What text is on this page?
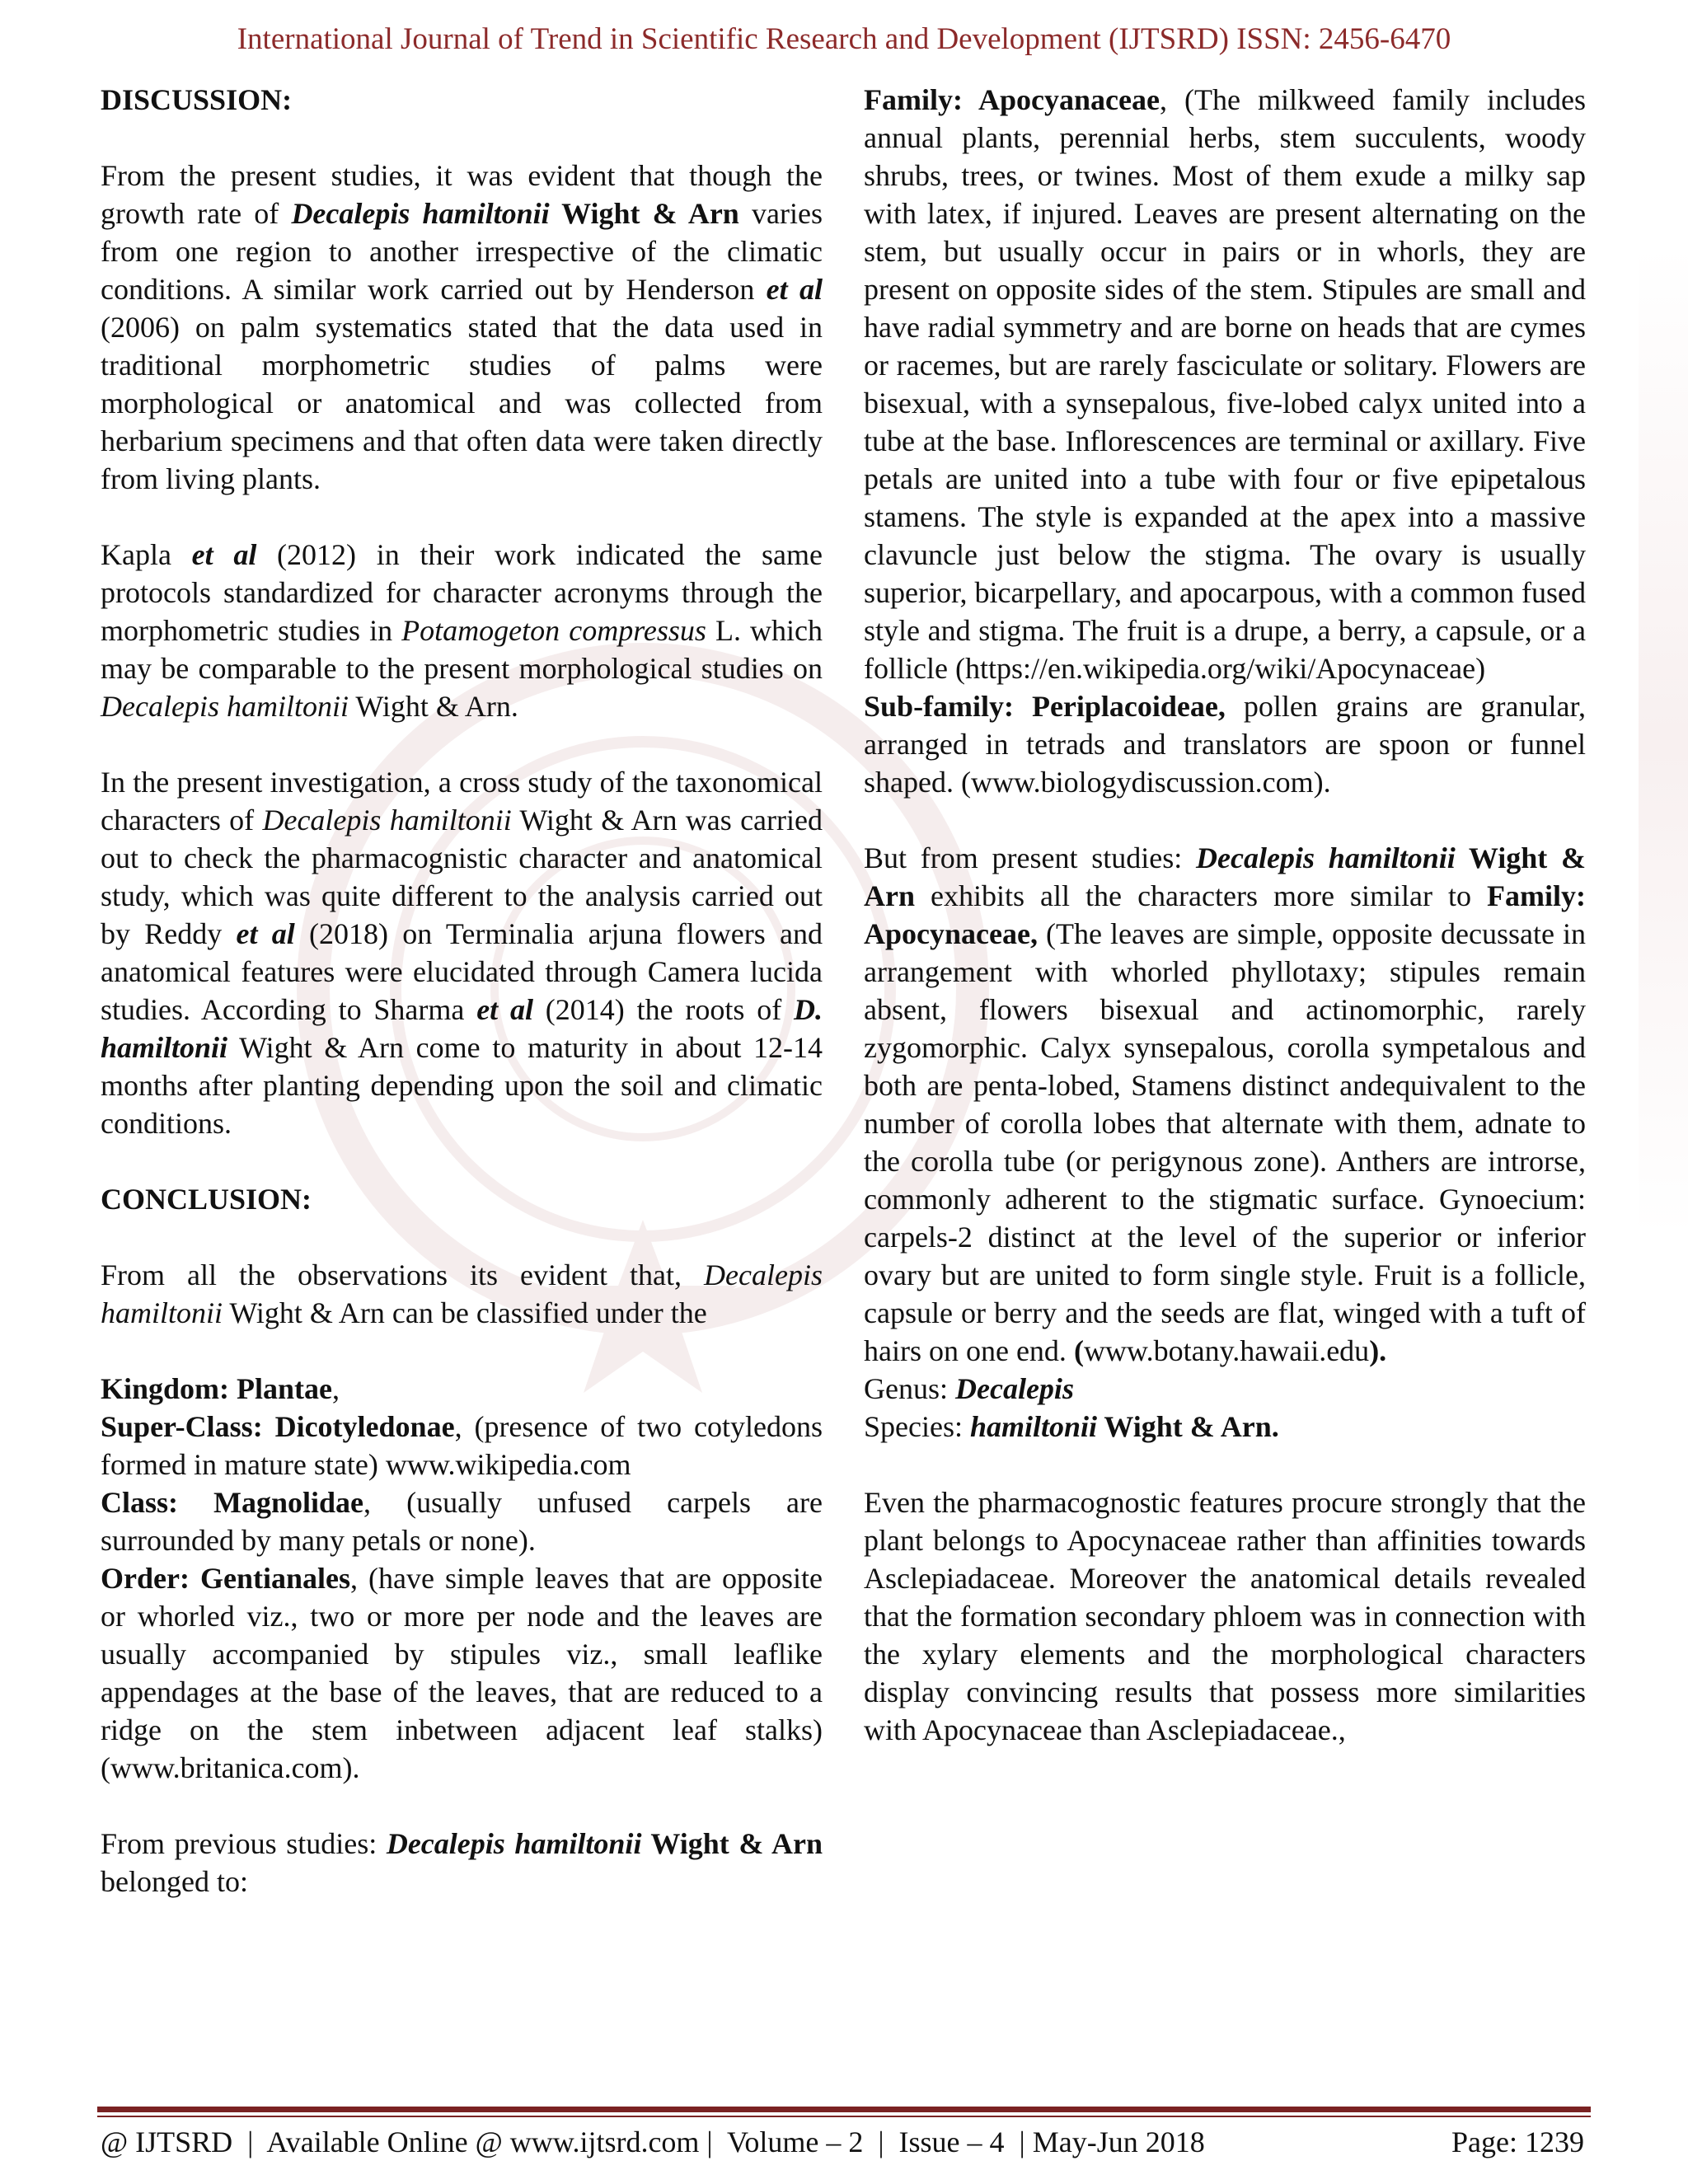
International Journal of Trend in Scientific Research and Development (IJTSRD) ISSN: 2456-6470

DISCUSSION:

From the present studies, it was evident that though the growth rate of Decalepis hamiltonii Wight & Arn varies from one region to another irrespective of the climatic conditions. A similar work carried out by Henderson et al (2006) on palm systematics stated that the data used in traditional morphometric studies of palms were morphological or anatomical and was collected from herbarium specimens and that often data were taken directly from living plants.

Kapla et al (2012) in their work indicated the same protocols standardized for character acronyms through the morphometric studies in Potamogeton compressus L. which may be comparable to the present morphological studies on Decalepis hamiltonii Wight & Arn.

In the present investigation, a cross study of the taxonomical characters of Decalepis hamiltonii Wight & Arn was carried out to check the pharmacognistic character and anatomical study, which was quite different to the analysis carried out by Reddy et al (2018) on Terminalia arjuna flowers and anatomical features were elucidated through Camera lucida studies. According to Sharma et al (2014) the roots of D. hamiltonii Wight & Arn come to maturity in about 12-14 months after planting depending upon the soil and climatic conditions.

CONCLUSION:

From all the observations its evident that, Decalepis hamiltonii Wight & Arn can be classified under the

Kingdom: Plantae,

Super-Class: Dicotyledonae, (presence of two cotyledons formed in mature state) www.wikipedia.com

Class: Magnolidae, (usually unfused carpels are surrounded by many petals or none).

Order: Gentianales, (have simple leaves that are opposite or whorled viz., two or more per node and the leaves are usually accompanied by stipules viz., small leaflike appendages at the base of the leaves, that are reduced to a ridge on the stem inbetween adjacent leaf stalks) (www.britanica.com).

From previous studies: Decalepis hamiltonii Wight & Arn belonged to:

Family: Apocyanaceae, (The milkweed family includes annual plants, perennial herbs, stem succulents, woody shrubs, trees, or twines. Most of them exude a milky sap with latex, if injured. Leaves are present alternating on the stem, but usually occur in pairs or in whorls, they are present on opposite sides of the stem. Stipules are small and have radial symmetry and are borne on heads that are cymes or racemes, but are rarely fasciculate or solitary. Flowers are bisexual, with a synsepalous, five-lobed calyx united into a tube at the base. Inflorescences are terminal or axillary. Five petals are united into a tube with four or five epipetalous stamens. The style is expanded at the apex into a massive clavuncle just below the stigma. The ovary is usually superior, bicarpellary, and apocarpous, with a common fused style and stigma. The fruit is a drupe, a berry, a capsule, or a follicle (https://en.wikipedia.org/wiki/Apocynaceae)

Sub-family: Periplacoideae, pollen grains are granular, arranged in tetrads and translators are spoon or funnel shaped. (www.biologydiscussion.com).

But from present studies: Decalepis hamiltonii Wight & Arn exhibits all the characters more similar to Family: Apocynaceae, (The leaves are simple, opposite decussate in arrangement with whorled phyllotaxy; stipules remain absent, flowers bisexual and actinomorphic, rarely zygomorphic. Calyx synsepalous, corolla sympetalous and both are penta-lobed, Stamens distinct andequivalent to the number of corolla lobes that alternate with them, adnate to the corolla tube (or perigynous zone). Anthers are introrse, commonly adherent to the stigmatic surface. Gynoecium: carpels-2 distinct at the level of the superior or inferior ovary but are united to form single style. Fruit is a follicle, capsule or berry and the seeds are flat, winged with a tuft of hairs on one end. (www.botany.hawaii.edu).

Genus: Decalepis

Species: hamiltonii Wight & Arn.

Even the pharmacognostic features procure strongly that the plant belongs to Apocynaceae rather than affinities towards Asclepiadaceae. Moreover the anatomical details revealed that the formation secondary phloem was in connection with the xylary elements and the morphological characters display convincing results that possess more similarities with Apocynaceae than Asclepiadaceae.,

@ IJTSRD  |  Available Online @ www.ijtsrd.com |  Volume – 2  |  Issue – 4  | May-Jun 2018	Page: 1239
